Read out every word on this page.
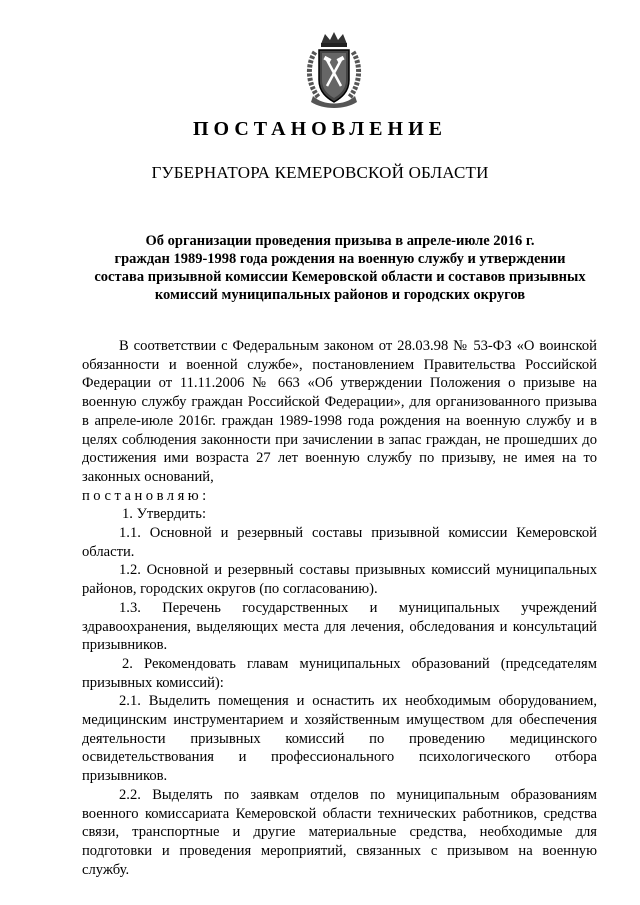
ПОСТАНОВЛЕНИЕ
ГУБЕРНАТОРА КЕМЕРОВСКОЙ ОБЛАСТИ
Об организации проведения призыва в апреле-июле 2016 г.
граждан 1989-1998 года рождения на военную службу и утверждении
состава призывной комиссии Кемеровской области и составов призывных
комиссий муниципальных районов и городских округов

В соответствии с Федеральным законом от 28.03.98 № 53-ФЗ «О воинской обязанности и военной службе», постановлением Правительства Российской Федерации от 11.11.2006 № 663 «Об утверждении Положения о призыве на военную службу граждан Российской Федерации», для организованного призыва в апреле-июле 2016г. граждан 1989-1998 года рождения на военную службу и в целях соблюдения законности при зачислении в запас граждан, не прошедших до достижения ими возраста 27 лет военную службу по призыву, не имея на то законных оснований,

постановляю:

1. Утвердить:

1.1. Основной и резервный составы призывной комиссии Кемеровской области.

1.2. Основной и резервный составы призывных комиссий муниципальных районов, городских округов (по согласованию).

1.3. Перечень государственных и муниципальных учреждений здравоохранения, выделяющих места для лечения, обследования и консультаций призывников.

2. Рекомендовать главам муниципальных образований (председателям призывных комиссий):

2.1. Выделить помещения и оснастить их необходимым оборудованием, медицинским инструментарием и хозяйственным имуществом для обеспечения деятельности призывных комиссий по проведению медицинского освидетельствования и профессионального психологического отбора призывников.

2.2. Выделять по заявкам отделов по муниципальным образованиям военного комиссариата Кемеровской области технических работников, средства связи, транспортные и другие материальные средства, необходимые для подготовки и проведения мероприятий, связанных с призывом на военную службу.
